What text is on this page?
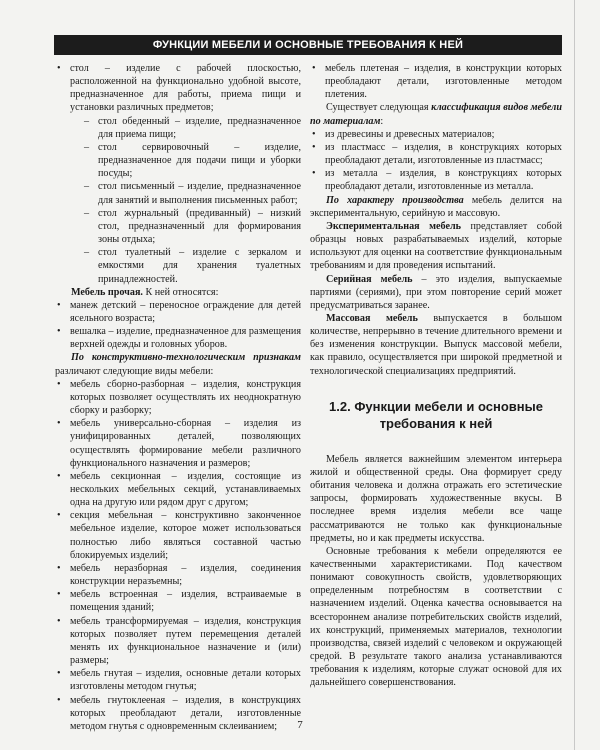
ФУНКЦИИ МЕБЕЛИ И ОСНОВНЫЕ ТРЕБОВАНИЯ К НЕЙ
• стол – изделие с рабочей плоскостью, расположенной на функционально удобной высоте, предназначенное для работы, приема пищи и установки различных предметов;
– стол обеденный – изделие, предназначенное для приема пищи;
– стол сервировочный – изделие, предназначенное для подачи пищи и уборки посуды;
– стол письменный – изделие, предназначенное для занятий и выполнения письменных работ;
– стол журнальный (предиванный) – низкий стол, предназначенный для формирования зоны отдыха;
– стол туалетный – изделие с зеркалом и емкостями для хранения туалетных принадлежностей.

Мебель прочая. К ней относятся:

• манеж детский – переносное ограждение для детей ясельного возраста;
• вешалка – изделие, предназначенное для размещения верхней одежды и головных уборов.

По конструктивно-технологическим признакам различают следующие виды мебели:

• мебель сборно-разборная – изделия, конструкция которых позволяет осуществлять их неоднократную сборку и разборку;
• мебель универсально-сборная – изделия из унифицированных деталей, позволяющих осуществлять формирование мебели различного функционального назначения и размеров;
• мебель секционная – изделия, состоящие из нескольких мебельных секций, устанавливаемых одна на другую или рядом друг с другом;
• секция мебельная – конструктивно законченное мебельное изделие, которое может использоваться полностью либо являться составной частью блокируемых изделий;
• мебель неразборная – изделия, соединения конструкции неразъемны;
• мебель встроенная – изделия, встраиваемые в помещения зданий;
• мебель трансформируемая – изделия, конструкция которых позволяет путем перемещения деталей менять их функциональное назначение и (или) размеры;
• мебель гнутая – изделия, основные детали которых изготовлены методом гнутья;
• мебель гнутоклееная – изделия, в конструкциях которых преобладают детали, изготовленные методом гнутья с одновременным склеиванием;
• мебель плетеная – изделия, в конструкции которых преобладают детали, изготовленные методом плетения.

Существует следующая классификация видов мебели по материалам:

• из древесины и древесных материалов;
• из пластмасс – изделия, в конструкциях которых преобладают детали, изготовленные из пластмасс;
• из металла – изделия, в конструкциях которых преобладают детали, изготовленные из металла.

По характеру производства мебель делится на экспериментальную, серийную и массовую.

Экспериментальная мебель представляет собой образцы новых разрабатываемых изделий, которые используют для оценки на соответствие функциональным требованиям и для проведения испытаний.

Серийная мебель – это изделия, выпускаемые партиями (сериями), при этом повторение серий может предусматриваться заранее.

Массовая мебель выпускается в большом количестве, непрерывно в течение длительного времени и без изменения конструкции. Выпуск массовой мебели, как правило, осуществляется при широкой предметной и технологической специализациях предприятий.

1.2. Функции мебели и основные требования к ней

Мебель является важнейшим элементом интерьера жилой и общественной среды. Она формирует среду обитания человека и должна отражать его эстетические запросы, формировать художественные вкусы. В последнее время изделия мебели все чаще рассматриваются не только как функциональные предметы, но и как предметы искусства.

Основные требования к мебели определяются ее качественными характеристиками. Под качеством понимают совокупность свойств, удовлетворяющих определенным потребностям в соответствии с назначением изделий. Оценка качества основывается на всестороннем анализе потребительских свойств изделий, их конструкций, применяемых материалов, технологии производства, связей изделий с человеком и окружающей средой. В результате такого анализа устанавливаются требования к изделиям, которые служат основой для их дальнейшего совершенствования.

7
